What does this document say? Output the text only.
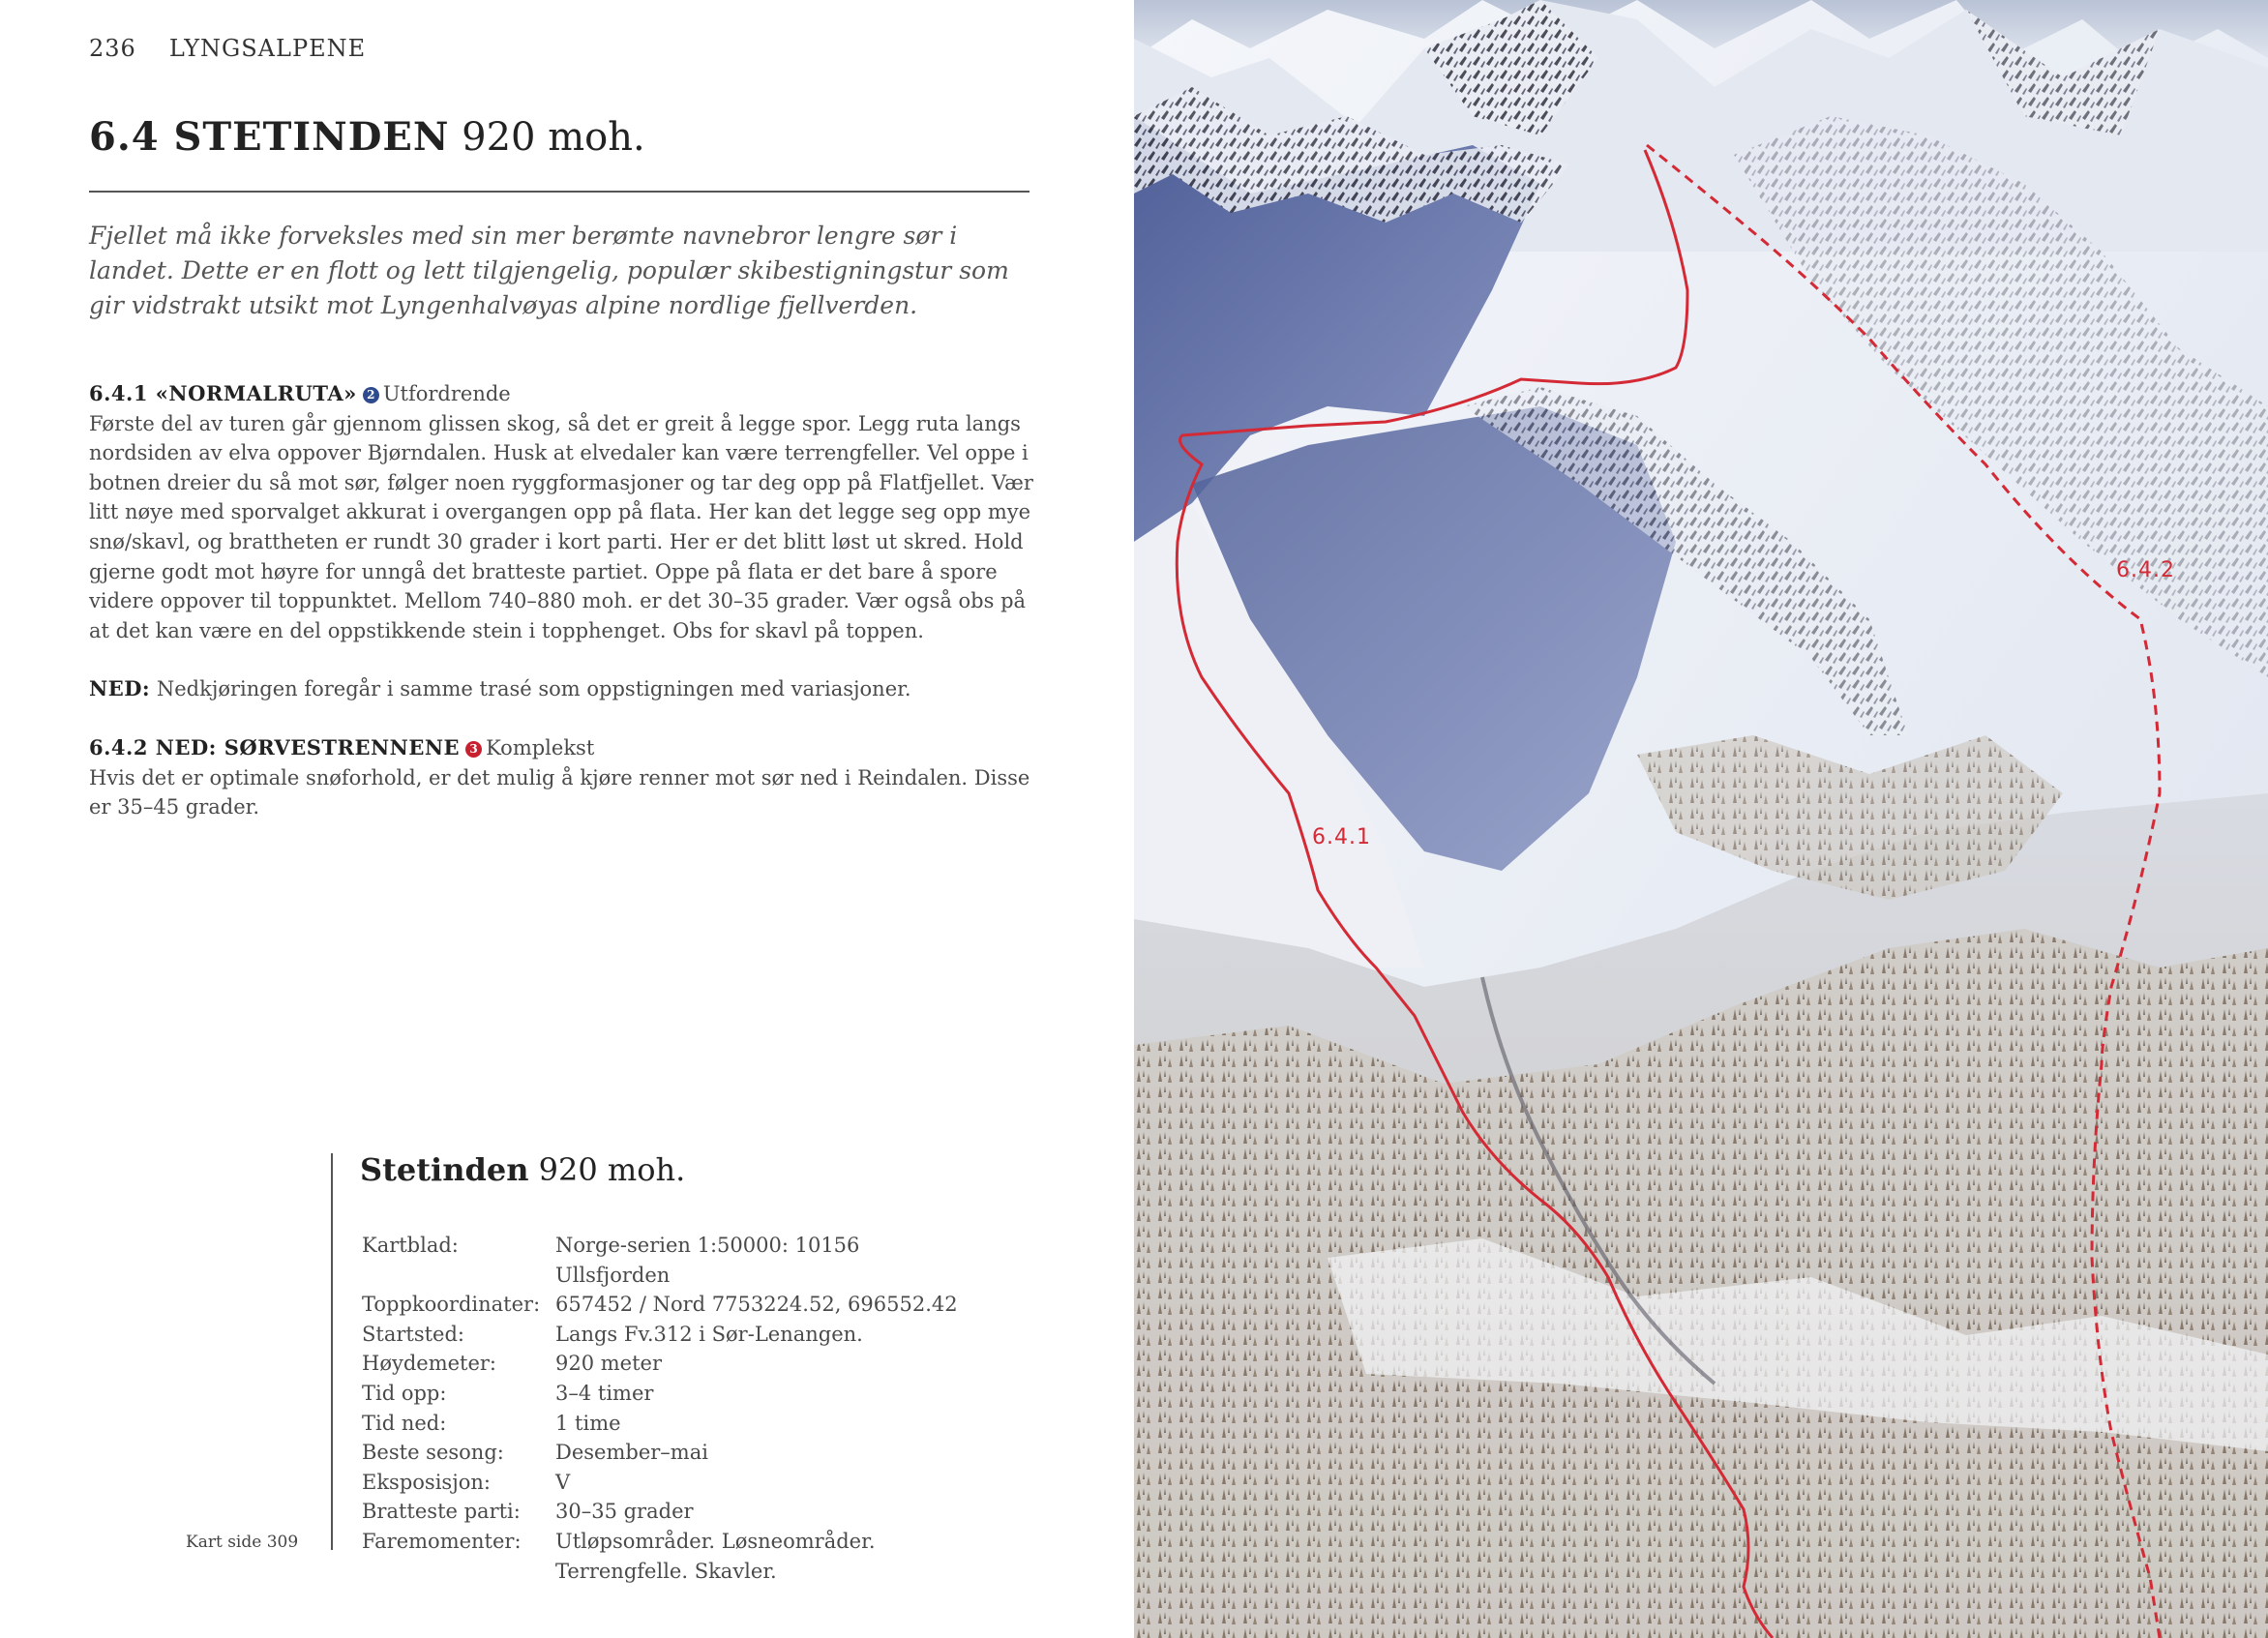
236 LYNGSALPENE
6.4 STETINDEN 920 moh.
Fjellet må ikke forveksles med sin mer berømte navnebror lengre sør i landet. Dette er en flott og lett tilgjengelig, populær skibestigningstur som gir vidstrakt utsikt mot Lyngenhalvøyas alpine nordlige fjellverden.

6.4.1 «NORMALRUTA» 2 Utfordrende

Første del av turen går gjennom glissen skog, så det er greit å legge spor. Legg ruta langs nordsiden av elva oppover Bjørndalen. Husk at elvedaler kan være terrengfeller. Vel oppe i botnen dreier du så mot sør, følger noen ryggformasjoner og tar deg opp på Flatfjellet. Vær litt nøye med sporvalget akkurat i overgangen opp på flata. Her kan det legge seg opp mye snø/skavl, og brattheten er rundt 30 grader i kort parti. Her er det blitt løst ut skred. Hold gjerne godt mot høyre for unngå det bratteste partiet. Oppe på flata er det bare å spore videre oppover til toppunktet. Mellom 740–880 moh. er det 30–35 grader. Vær også obs på at det kan være en del oppstikkende stein i topphenget. Obs for skavl på toppen.

NED: Nedkjøringen foregår i samme trasé som oppstigningen med variasjoner.

6.4.2 NED: SØRVESTRENNENE 3 Komplekst

Hvis det er optimale snøforhold, er det mulig å kjøre renner mot sør ned i Reindalen. Disse er 35–45 grader.

Stetinden 920 moh.
Kartblad:	Norge-serien 1:50000: 10156 Ullsfjorden
Toppkoordinater: 657452 / Nord 7753224.52, 696552.42
Startsted:	Langs Fv.312 i Sør-Lenangen.
Høydemeter:	920 meter
Tid opp:	3–4 timer
Tid ned:	1 time
Beste sesong:	Desember–mai
Eksposisjon:	V
Bratteste parti:	30–35 grader
Faremomenter:	Utløpsområder. Løsneområder.
Terrengfelle. Skavler.
Kart side 309
6.4.1
6.4.2
